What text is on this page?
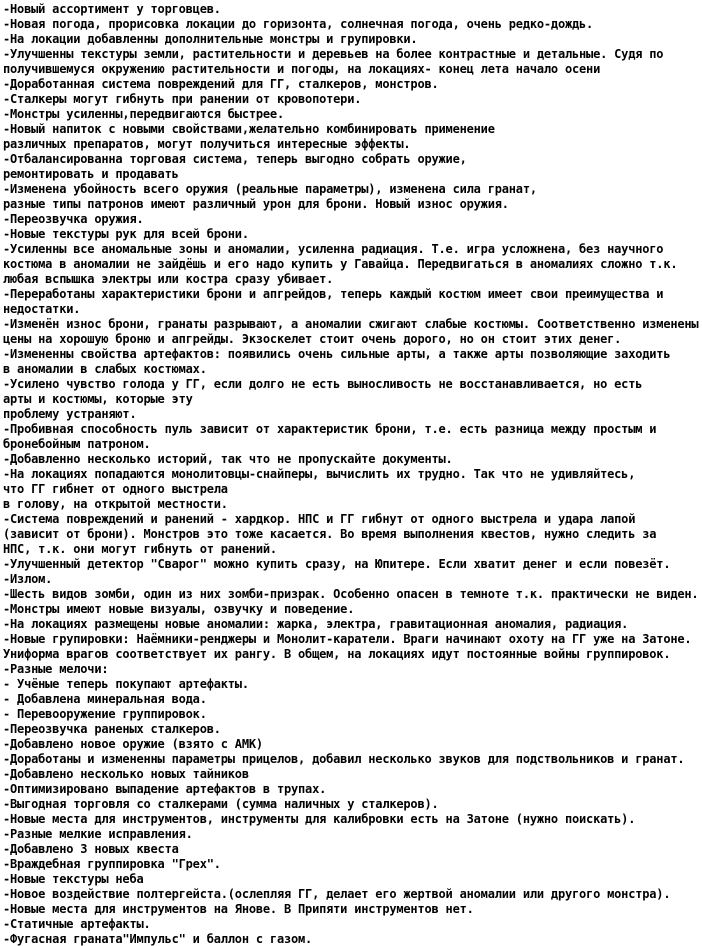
-Новый ассортимент у торговцев.
-Новая погода, прорисовка локации до горизонта, солнечная погода, очень редко-дождь.
-На локации добавленны дополнительные монстры и групировки.
-Улучшенны текстуры земли, растительности и деревьев на более контрастные и детальные. Судя по
получившемуся окружению растительности и погоды, на локациях- конец лета начало осени
-Доработанная система повреждений для ГГ, сталкеров, монстров.
-Сталкеры могут гибнуть при ранении от кровопотери.
-Монстры усиленны,передвигаются быстрее.
-Новый напиток с новыми свойствами,желательно комбинировать применение
различных препаратов, могут получиться интересные эффекты.
-Отбалансированна торговая система, теперь выгодно собрать оружие,
ремонтировать и продавать
-Изменена убойность всего оружия (реальные параметры), изменена сила гранат,
разные типы патронов имеют различный урон для брони. Новый износ оружия.
-Переозвучка оружия.
-Новые текстуры рук для всей брони.
-Усиленны все аномальные зоны и аномалии, усиленна радиация. Т.е. игра усложнена, без научного
костюма в аномалии не зайдёшь и его надо купить у Гавайца. Передвигаться в аномалиях сложно т.к.
любая вспышка электры или костра сразу убивает.
-Переработаны характеристики брони и апгрейдов, теперь каждый костюм имеет свои преимущества и
недостатки.
-Изменён износ брони, гранаты разрывают, а аномалии сжигают слабые костюмы. Соответственно изменены
цены на хорошую броню и апгрейды. Экзоскелет стоит очень дорого, но он стоит этих денег.
-Измененны свойства артефактов: появились очень сильные арты, а также арты позволяющие заходить
в аномалии в слабых костюмах.
-Усилено чувство голода у ГГ, если долго не есть выносливость не восстанавливается, но есть
арты и костюмы, которые эту
проблему устраняют.
-Пробивная способность пуль зависит от характеристик брони, т.е. есть разница между простым и
бронебойным патроном.
-Добавленно несколько историй, так что не пропускайте документы.
-На локациях попадаются монолитовцы-снайперы, вычислить их трудно. Так что не удивляйтесь,
что ГГ гибнет от одного выстрела
в голову, на открытой местности.
-Система повреждений и ранений - хардкор. НПС и ГГ гибнут от одного выстрела и удара лапой
(зависит от брони). Монстров это тоже касается. Во время выполнения квестов, нужно следить за
НПС, т.к. они могут гибнуть от ранений.
-Улучшенный детектор "Сварог" можно купить сразу, на Юпитере. Если хватит денег и если повезёт.
-Излом.
-Шесть видов зомби, один из них зомби-призрак. Особенно опасен в темноте т.к. практически не виден.
-Монстры имеют новые визуалы, озвучку и поведение.
-На локациях размещены новые аномалии: жарка, электра, гравитационная аномалия, радиация.
-Новые групировки: Наёмники-ренджеры и Монолит-каратели. Враги начинают охоту на ГГ уже на Затоне.
Униформа врагов соответствует их рангу. В общем, на локациях идут постоянные войны группировок.
-Разные мелочи:
- Учёные теперь покупают артефакты.
- Добавлена минеральная вода.
- Перевооружение группировок.
-Переозвучка раненых сталкеров.
-Добавлено новое оружие (взято с АМК)
-Доработаны и измененны параметры прицелов, добавил несколько звуков для подствольников и гранат.
-Добавлено несколько новых тайников
-Оптимизировано выпадение артефактов в трупах.
-Выгодная торговля со сталкерами (сумма наличных у сталкеров).
-Новые места для инструментов, инструменты для калибровки есть на Затоне (нужно поискать).
-Разные мелкие исправления.
-Добавлено 3 новых квеста
-Враждебная группировка "Грех".
-Новые текстуры неба
-Новое воздействие полтергейста.(ослепляя ГГ, делает его жертвой аномалии или другого монстра).
-Новые места для инструментов на Янове. В Припяти инструментов нет.
-Статичные артефакты.
-Фугасная граната"Импульс" и баллон с газом.
